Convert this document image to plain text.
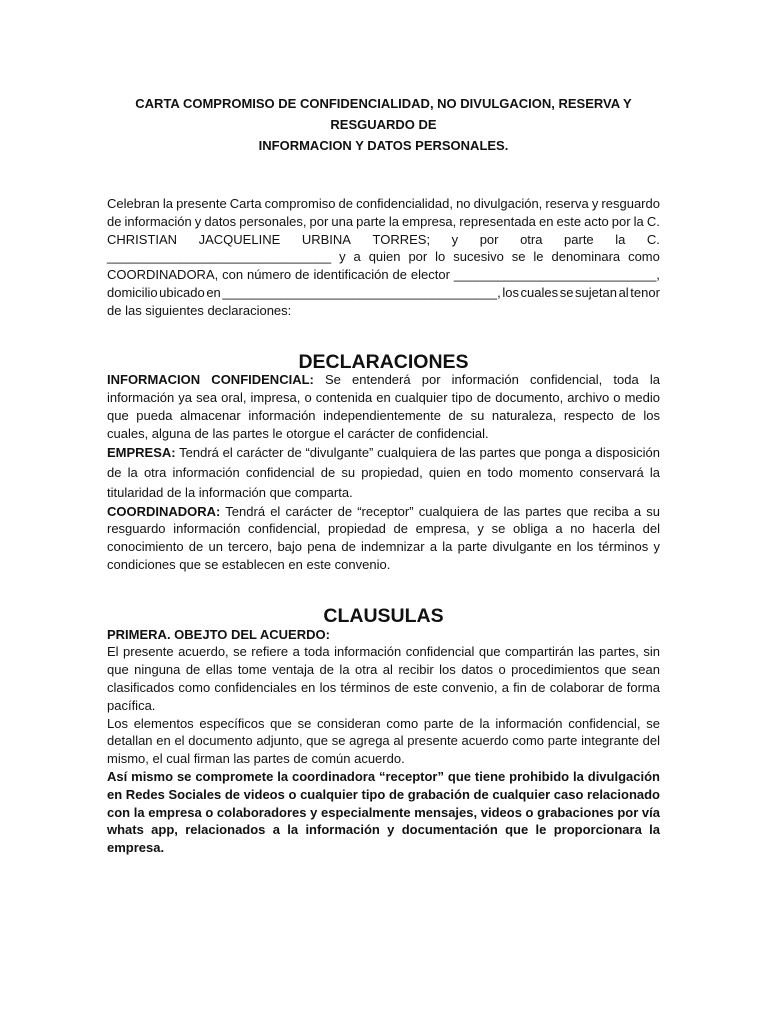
CARTA COMPROMISO DE CONFIDENCIALIDAD, NO DIVULGACION, RESERVA Y RESGUARDO DE
INFORMACION Y DATOS PERSONALES.
Celebran la presente Carta compromiso de confidencialidad, no divulgación, reserva y resguardo
de información y datos personales, por una parte la empresa, representada en este acto por la C.
CHRISTIAN JACQUELINE URBINA TORRES; y por otra parte la C.
_______________________________ y a quien por lo sucesivo se le denominara como
COORDINADORA, con número de identificación de elector ____________________________,
domicilio ubicado en ______________________________________, los cuales se sujetan al tenor
de las siguientes declaraciones:
DECLARACIONES

INFORMACION CONFIDENCIAL: Se entenderá por información confidencial, toda la información ya sea oral, impresa, o contenida en cualquier tipo de documento, archivo o medio que pueda almacenar información independientemente de su naturaleza, respecto de los cuales, alguna de las partes le otorgue el carácter de confidencial.

EMPRESA: Tendrá el carácter de “divulgante” cualquiera de las partes que ponga a disposición de la otra información confidencial de su propiedad, quien en todo momento conservará la titularidad de la información que comparta.

COORDINADORA: Tendrá el carácter de “receptor” cualquiera de las partes que reciba a su resguardo información confidencial, propiedad de empresa, y se obliga a no hacerla del conocimiento de un tercero, bajo pena de indemnizar a la parte divulgante en los términos y condiciones que se establecen en este convenio.

CLAUSULAS

PRIMERA. OBEJTO DEL ACUERDO:

El presente acuerdo, se refiere a toda información confidencial que compartirán las partes, sin que ninguna de ellas tome ventaja de la otra al recibir los datos o procedimientos que sean clasificados como confidenciales en los términos de este convenio, a fin de colaborar de forma pacífica.

Los elementos específicos que se consideran como parte de la información confidencial, se detallan en el documento adjunto, que se agrega al presente acuerdo como parte integrante del mismo, el cual firman las partes de común acuerdo.

Así mismo se compromete la coordinadora “receptor” que tiene prohibido la divulgación en Redes Sociales de videos o cualquier tipo de grabación de cualquier caso relacionado con la empresa o colaboradores y especialmente mensajes, videos o grabaciones por vía whats app, relacionados a la información y documentación que le proporcionara la empresa.
